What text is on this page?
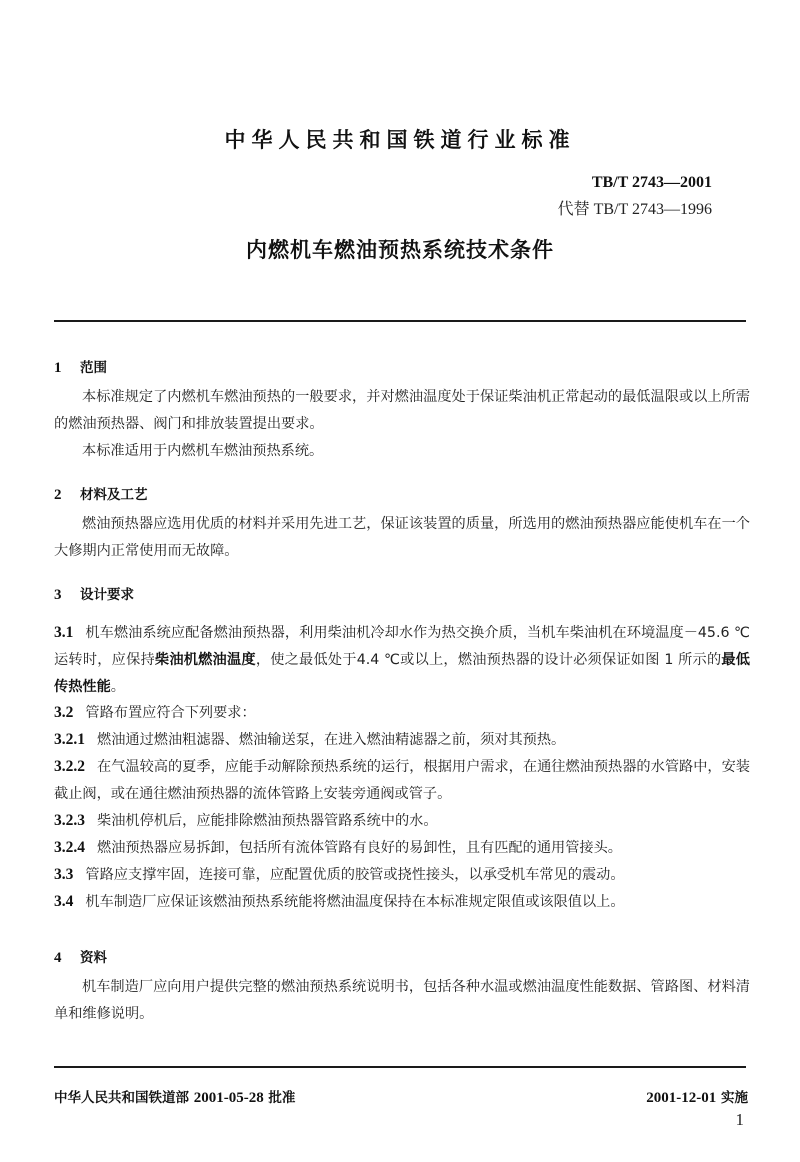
中华人民共和国铁道行业标准
TB/T 2743—2001
代替 TB/T 2743—1996
内燃机车燃油预热系统技术条件
1 范围
本标准规定了内燃机车燃油预热的一般要求，并对燃油温度处于保证柴油机正常起动的最低温限或以上所需的燃油预热器、阀门和排放装置提出要求。
本标准适用于内燃机车燃油预热系统。
2 材料及工艺
燃油预热器应选用优质的材料并采用先进工艺，保证该装置的质量，所选用的燃油预热器应能使机车在一个大修期内正常使用而无故障。
3 设计要求
3.1 机车燃油系统应配备燃油预热器，利用柴油机冷却水作为热交换介质，当机车柴油机在环境温度－45.6 ℃运转时，应保持柴油机燃油温度，使之最低处于4.4 ℃或以上，燃油预热器的设计必须保证如图 1 所示的最低传热性能。
3.2 管路布置应符合下列要求：
3.2.1 燃油通过燃油粗滤器、燃油输送泵，在进入燃油精滤器之前，须对其预热。
3.2.2 在气温较高的夏季，应能手动解除预热系统的运行，根据用户需求，在通往燃油预热器的水管路中，安装截止阀，或在通往燃油预热器的流体管路上安装旁通阀或管子。
3.2.3 柴油机停机后，应能排除燃油预热器管路系统中的水。
3.2.4 燃油预热器应易拆卸，包括所有流体管路有良好的易卸性，且有匹配的通用管接头。
3.3 管路应支撑牢固，连接可靠，应配置优质的胶管或挠性接头，以承受机车常见的震动。
3.4 机车制造厂应保证该燃油预热系统能将燃油温度保持在本标准规定限值或该限值以上。
4 资料
机车制造厂应向用户提供完整的燃油预热系统说明书，包括各种水温或燃油温度性能数据、管路图、材料清单和维修说明。
中华人民共和国铁道部 2001-05-28 批准	2001-12-01 实施
1
